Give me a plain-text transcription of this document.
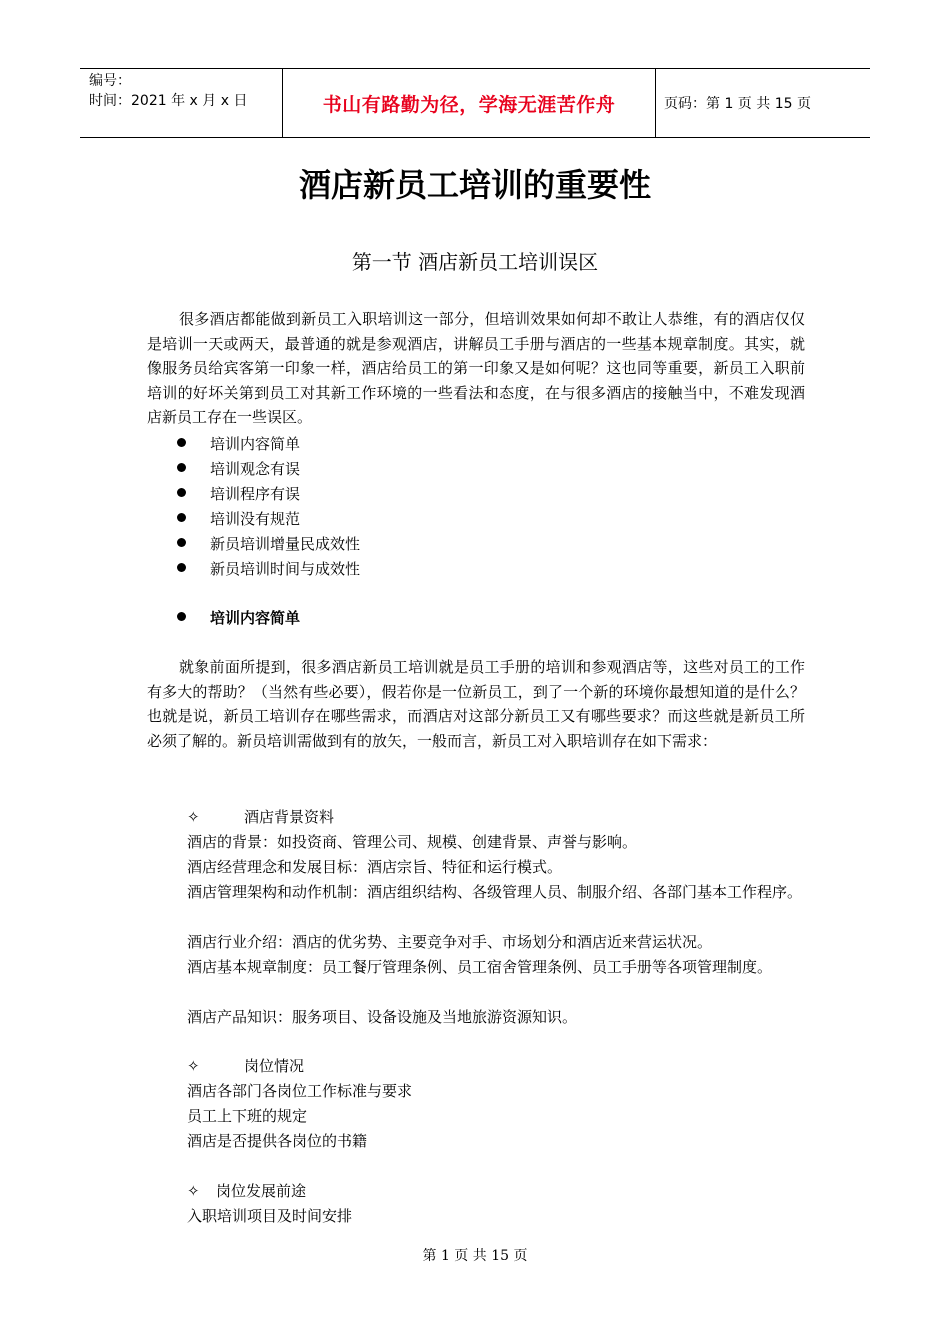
编号：
时间：2021 年 x 月 x 日	书山有路勤为径，学海无涯苦作舟	页码：第 1 页 共 15 页
酒店新员工培训的重要性
第一节 酒店新员工培训误区

很多酒店都能做到新员工入职培训这一部分，但培训效果如何却不敢让人恭维，有的酒店仅仅是培训一天或两天，最普通的就是参观酒店，讲解员工手册与酒店的一些基本规章制度。其实，就像服务员给宾客第一印象一样，酒店给员工的第一印象又是如何呢？这也同等重要，新员工入职前培训的好坏关第到员工对其新工作环境的一些看法和态度，在与很多酒店的接触当中，不难发现酒店新员工存在一些误区。

培训内容简单
培训观念有误
培训程序有误
培训没有规范
新员培训增量民成效性
新员培训时间与成效性
培训内容简单

就象前面所提到，很多酒店新员工培训就是员工手册的培训和参观酒店等，这些对员工的工作有多大的帮助？（当然有些必要），假若你是一位新员工，到了一个新的环境你最想知道的是什么？也就是说，新员工培训存在哪些需求，而酒店对这部分新员工又有哪些要求？而这些就是新员工所必须了解的。新员培训需做到有的放矢，一般而言，新员工对入职培训存在如下需求：

✧	酒店背景资料

酒店的背景：如投资商、管理公司、规模、创建背景、声誉与影响。

酒店经营理念和发展目标：酒店宗旨、特征和运行模式。

酒店管理架构和动作机制：酒店组织结构、各级管理人员、制服介绍、各部门基本工作程序。

酒店行业介绍：酒店的优劣势、主要竞争对手、市场划分和酒店近来营运状况。

酒店基本规章制度：员工餐厅管理条例、员工宿舍管理条例、员工手册等各项管理制度。

酒店产品知识：服务项目、设备设施及当地旅游资源知识。

✧	岗位情况

酒店各部门各岗位工作标准与要求

员工上下班的规定

酒店是否提供各岗位的书籍

✧ 岗位发展前途

入职培训项目及时间安排

第 1 页 共 15 页
